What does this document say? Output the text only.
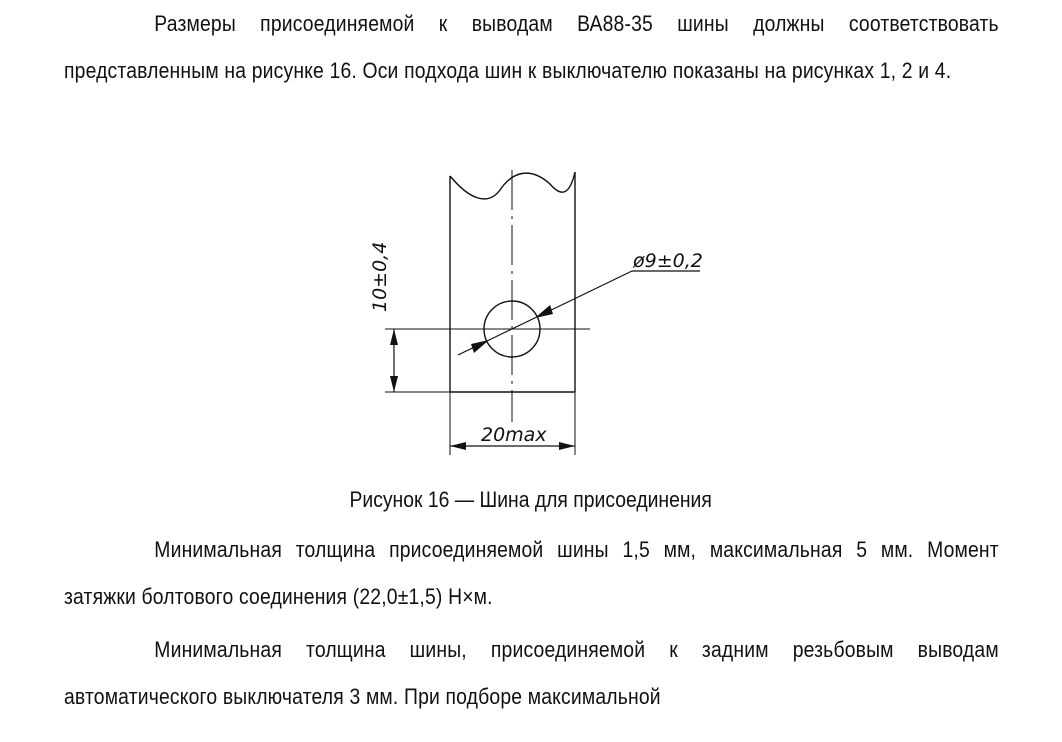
Размеры присоединяемой к выводам ВА88-35 шины должны соответствовать представленным на рисунке 16. Оси подхода шин к выключателю показаны на рисунках 1, 2 и 4.

ø9±0,2
10±0,4
20max
Рисунок 16 — Шина для присоединения

Минимальная толщина присоединяемой шины 1,5 мм, максимальная 5 мм. Момент затяжки болтового соединения (22,0±1,5) Н×м.

Минимальная толщина шины, присоединяемой к задним резьбовым выводам автоматического выключателя 3 мм. При подборе максимальной
